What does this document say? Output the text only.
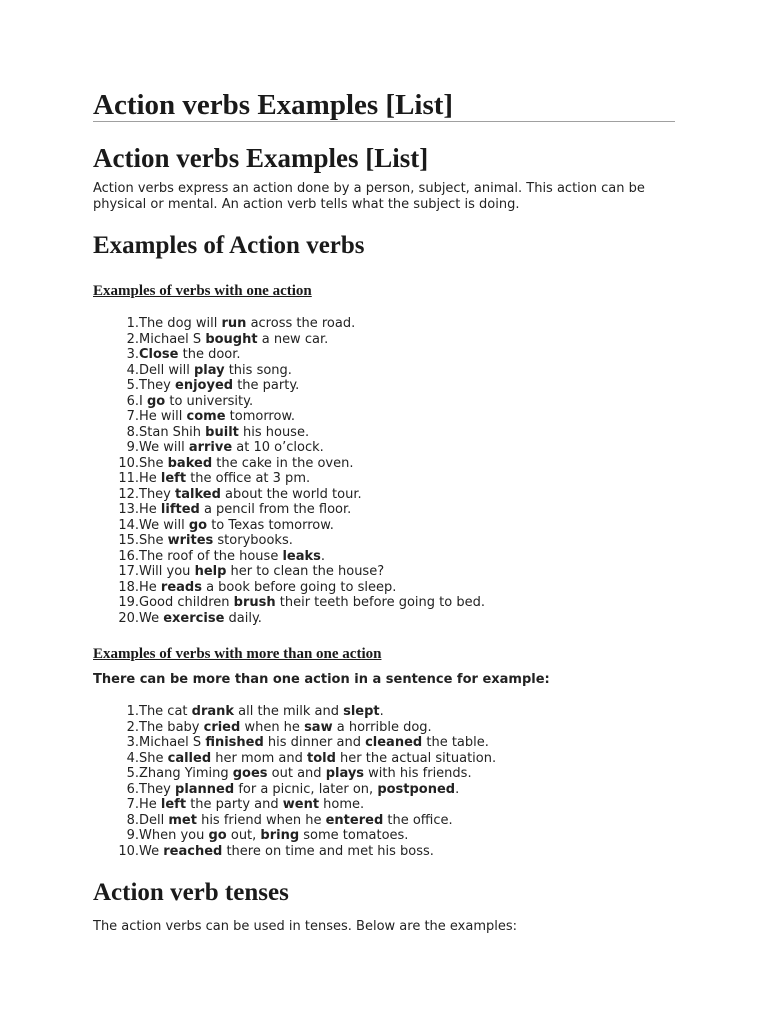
Action verbs Examples [List]
Action verbs Examples [List]

Action verbs express an action done by a person, subject, animal. This action can be physical or mental. An action verb tells what the subject is doing.

Examples of Action verbs
Examples of verbs with one action
1.The dog will run across the road.
2.Michael S bought a new car.
3.Close the door.
4.Dell will play this song.
5.They enjoyed the party.
6.I go to university.
7.He will come tomorrow.
8.Stan Shih built his house.
9.We will arrive at 10 o’clock.
10.She baked the cake in the oven.
11.He left the office at 3 pm.
12.They talked about the world tour.
13.He lifted a pencil from the floor.
14.We will go to Texas tomorrow.
15.She writes storybooks.
16.The roof of the house leaks.
17.Will you help her to clean the house?
18.He reads a book before going to sleep.
19.Good children brush their teeth before going to bed.
20.We exercise daily.
Examples of verbs with more than one action

There can be more than one action in a sentence for example:

1.The cat drank all the milk and slept.
2.The baby cried when he saw a horrible dog.
3.Michael S finished his dinner and cleaned the table.
4.She called her mom and told her the actual situation.
5.Zhang Yiming goes out and plays with his friends.
6.They planned for a picnic, later on, postponed.
7.He left the party and went home.
8.Dell met his friend when he entered the office.
9.When you go out, bring some tomatoes.
10.We reached there on time and met his boss.
Action verb tenses

The action verbs can be used in tenses. Below are the examples:
